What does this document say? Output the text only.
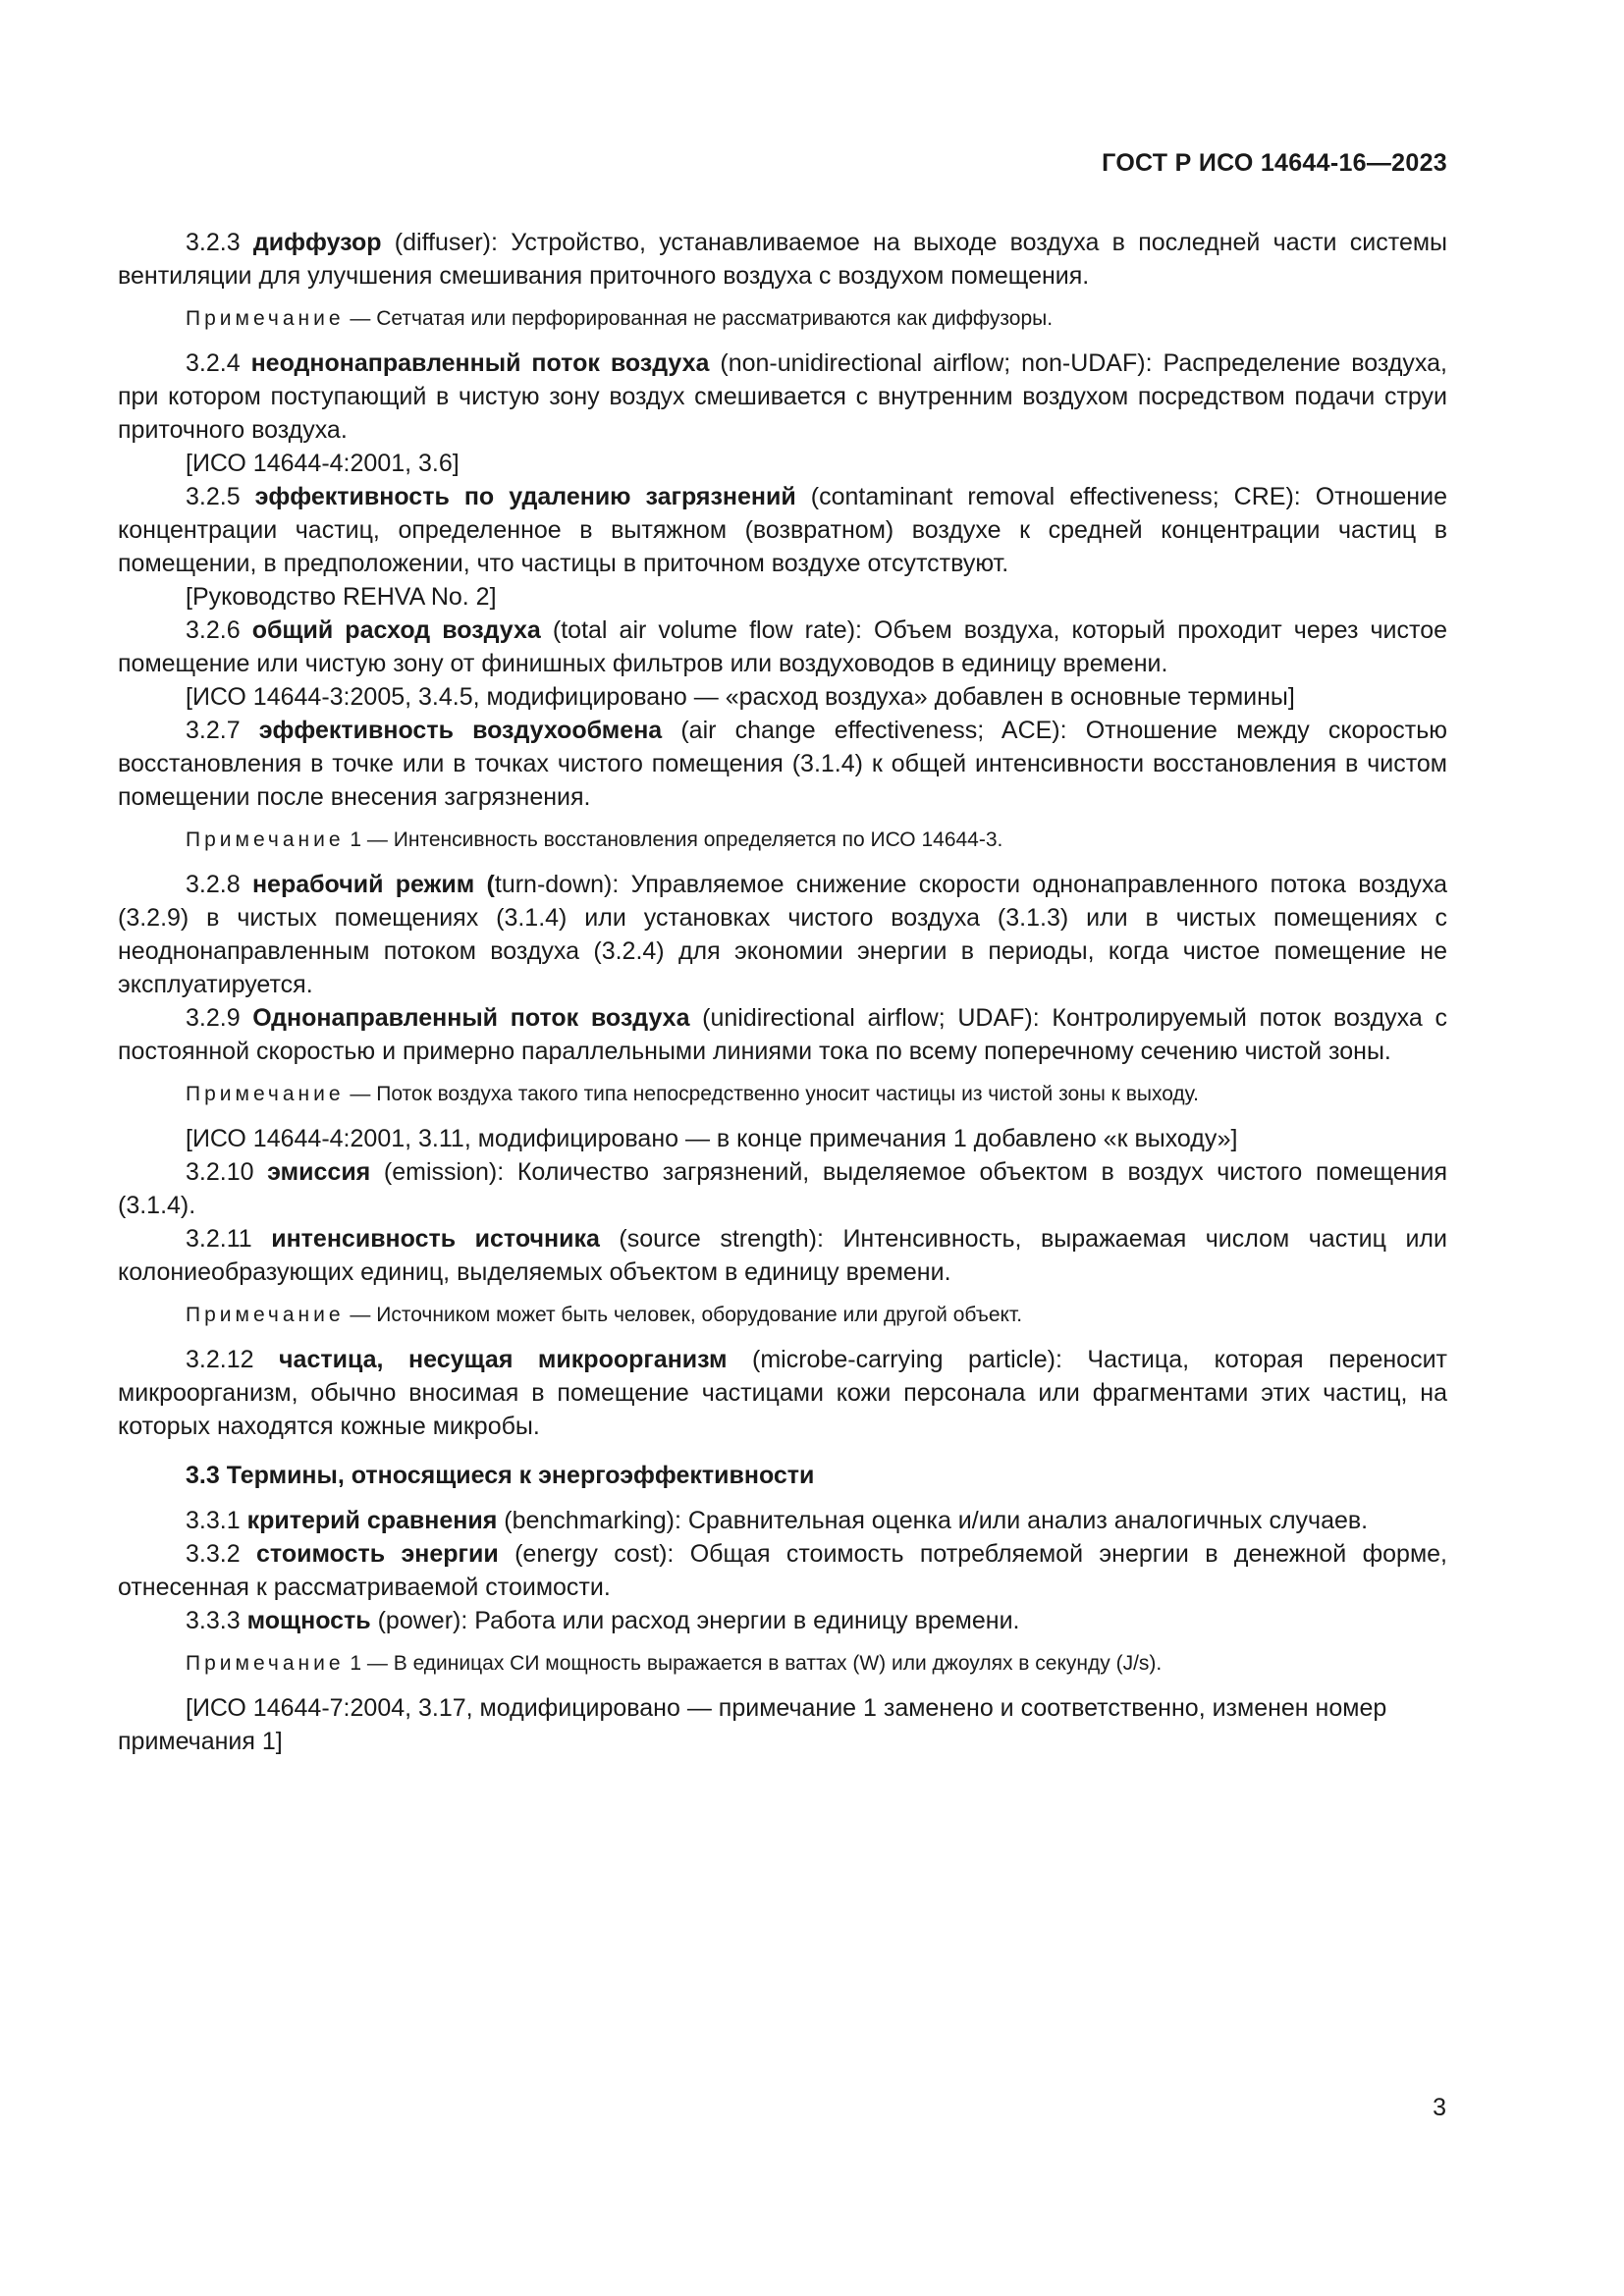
ГОСТ Р ИСО 14644-16—2023

3.2.3 диффузор (diffuser): Устройство, устанавливаемое на выходе воздуха в последней части системы вентиляции для улучшения смешивания приточного воздуха с воздухом помещения.

Примечание — Сетчатая или перфорированная не рассматриваются как диффузоры.

3.2.4 неоднонаправленный поток воздуха (non-unidirectional airflow; non-UDAF): Распределение воздуха, при котором поступающий в чистую зону воздух смешивается с внутренним воздухом посредством подачи струи приточного воздуха.

[ИСО 14644-4:2001, 3.6]

3.2.5 эффективность по удалению загрязнений (contaminant removal effectiveness; CRE): Отношение концентрации частиц, определенное в вытяжном (возвратном) воздухе к средней концентрации частиц в помещении, в предположении, что частицы в приточном воздухе отсутствуют.

[Руководство REHVA No. 2]

3.2.6 общий расход воздуха (total air volume flow rate): Объем воздуха, который проходит через чистое помещение или чистую зону от финишных фильтров или воздуховодов в единицу времени.

[ИСО 14644-3:2005, 3.4.5, модифицировано — «расход воздуха» добавлен в основные термины]

3.2.7 эффективность воздухообмена (air change effectiveness; ACE): Отношение между скоростью восстановления в точке или в точках чистого помещения (3.1.4) к общей интенсивности восстановления в чистом помещении после внесения загрязнения.

Примечание 1 — Интенсивность восстановления определяется по ИСО 14644-3.

3.2.8 нерабочий режим (turn-down): Управляемое снижение скорости однонаправленного потока воздуха (3.2.9) в чистых помещениях (3.1.4) или установках чистого воздуха (3.1.3) или в чистых помещениях с неоднонаправленным потоком воздуха (3.2.4) для экономии энергии в периоды, когда чистое помещение не эксплуатируется.

3.2.9 Однонаправленный поток воздуха (unidirectional airflow; UDAF): Контролируемый поток воздуха с постоянной скоростью и примерно параллельными линиями тока по всему поперечному сечению чистой зоны.

Примечание — Поток воздуха такого типа непосредственно уносит частицы из чистой зоны к выходу.

[ИСО 14644-4:2001, 3.11, модифицировано — в конце примечания 1 добавлено «к выходу»]

3.2.10 эмиссия (emission): Количество загрязнений, выделяемое объектом в воздух чистого помещения (3.1.4).

3.2.11 интенсивность источника (source strength): Интенсивность, выражаемая числом частиц или колониеобразующих единиц, выделяемых объектом в единицу времени.

Примечание — Источником может быть человек, оборудование или другой объект.

3.2.12 частица, несущая микроорганизм (microbe-carrying particle): Частица, которая переносит микроорганизм, обычно вносимая в помещение частицами кожи персонала или фрагментами этих частиц, на которых находятся кожные микробы.

3.3 Термины, относящиеся к энергоэффективности

3.3.1 критерий сравнения (benchmarking): Сравнительная оценка и/или анализ аналогичных случаев.

3.3.2 стоимость энергии (energy cost): Общая стоимость потребляемой энергии в денежной форме, отнесенная к рассматриваемой стоимости.

3.3.3 мощность (power): Работа или расход энергии в единицу времени.

Примечание 1 — В единицах СИ мощность выражается в ваттах (W) или джоулях в секунду (J/s).

[ИСО 14644-7:2004, 3.17, модифицировано — примечание 1 заменено и соответственно, изменен номер примечания 1]

3
